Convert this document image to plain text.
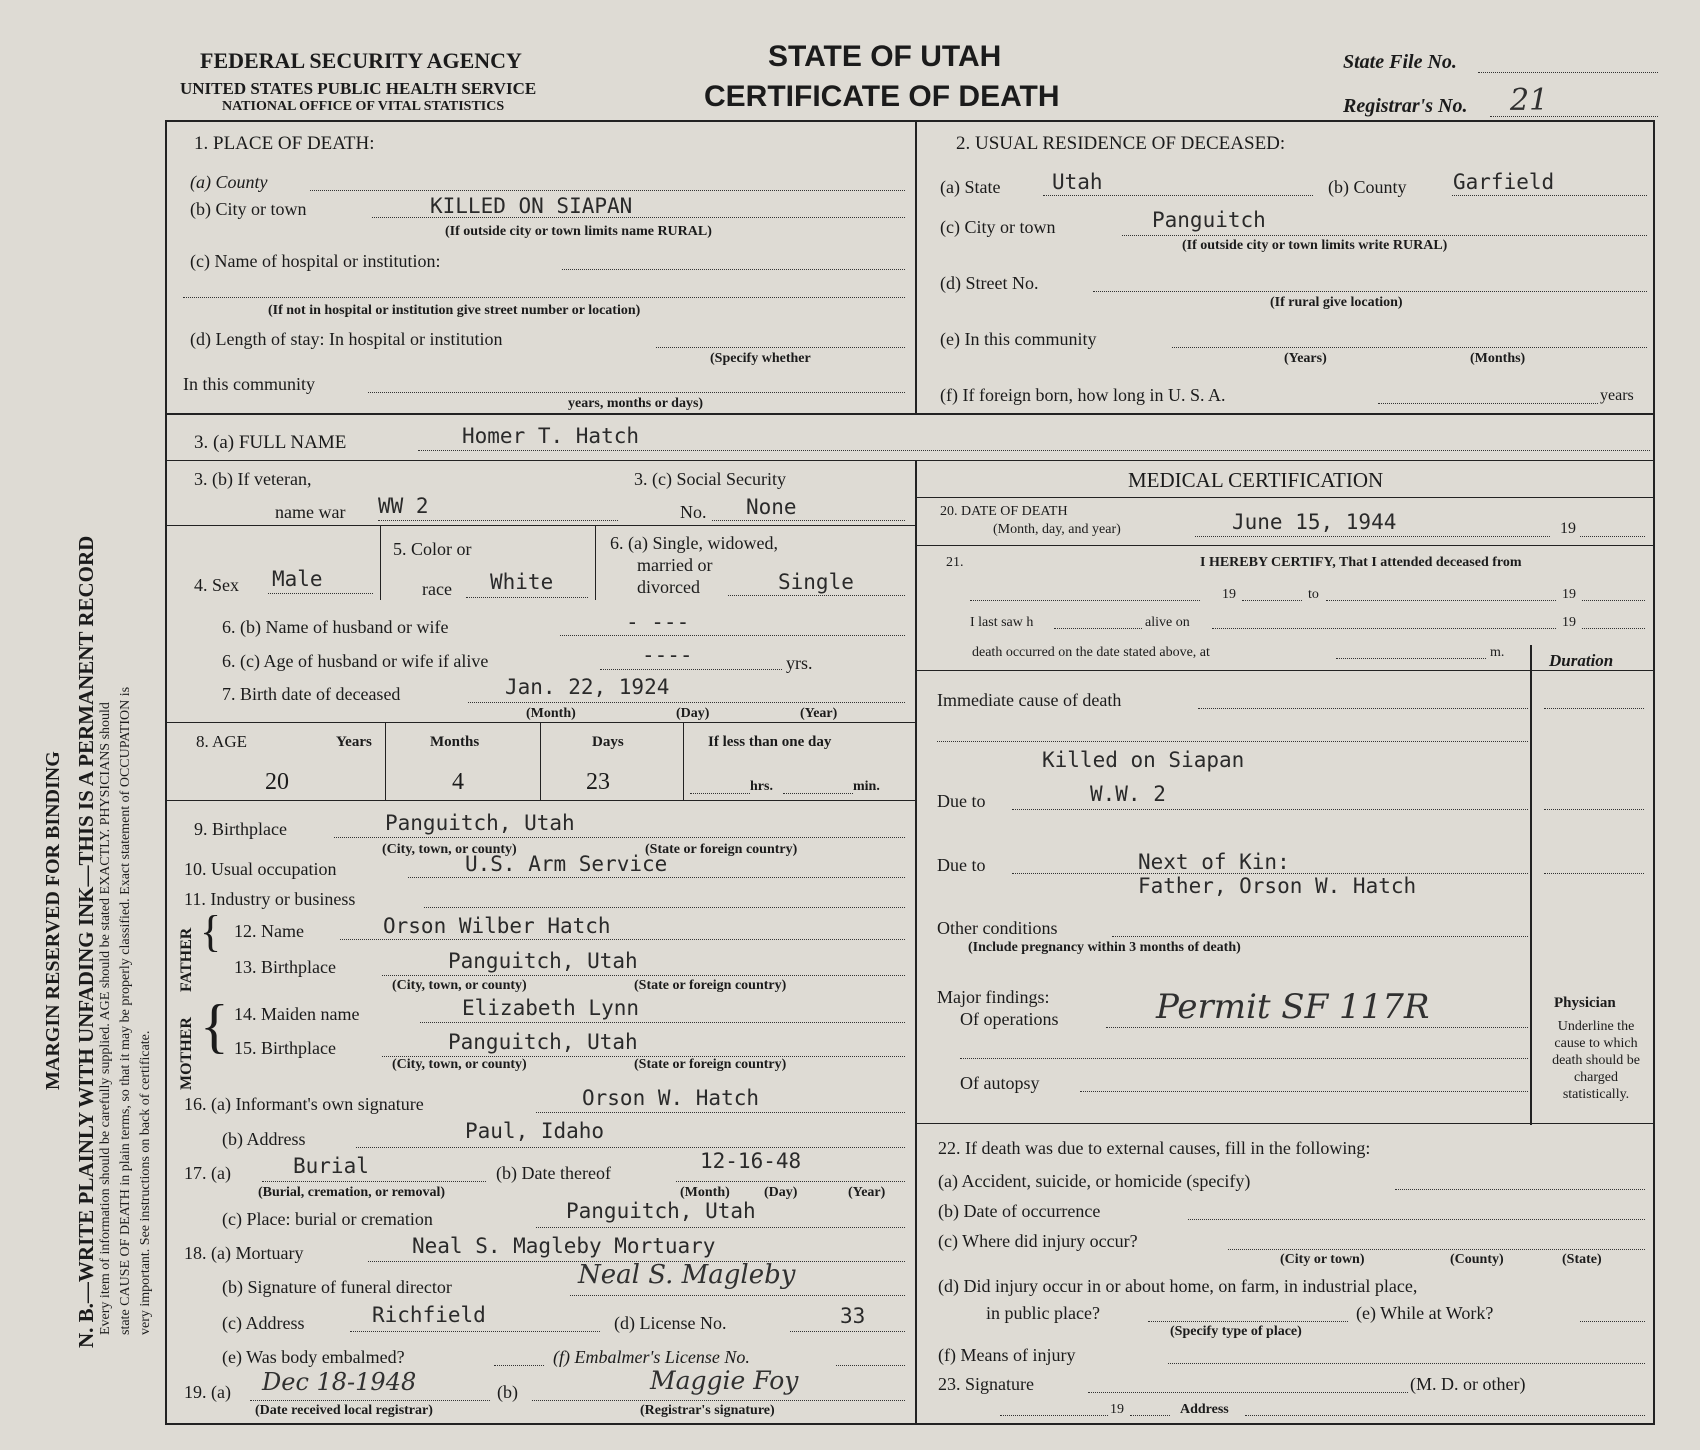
FEDERAL SECURITY AGENCY
UNITED STATES PUBLIC HEALTH SERVICE
NATIONAL OFFICE OF VITAL STATISTICS
STATE OF UTAH
CERTIFICATE OF DEATH
State File No.
Registrar's No. 21
MARGIN RESERVED FOR BINDING N. B.—WRITE PLAINLY WITH UNFADING INK—THIS IS A PERMANENT RECORD Every item of information should be carefully supplied. AGE should be stated EXACTLY. PHYSICIANS should state CAUSE OF DEATH in plain terms, so that it may be properly classified. Exact statement of OCCUPATION is very important. See instructions on back of certificate.
1. PLACE OF DEATH:
(a) County
(b) City or town	KILLED ON SIAPAN
(If outside city or town limits name RURAL)
(c) Name of hospital or institution:
(If not in hospital or institution give street number or location)
(d) Length of stay: In hospital or institution
(Specify whether
In this community
years, months or days)
2. USUAL RESIDENCE OF DECEASED:
(a) State Utah	(b) County Garfield
(c) City or town	Panguitch
(If outside city or town limits write RURAL)
(d) Street No.
(If rural give location)
(e) In this community
(Years)	(Months)
(f) If foreign born, how long in U. S. A.	years
3. (a) FULL NAME	Homer T. Hatch
3. (b) If veteran,
name war WW 2
3. (c) Social Security
No. None
4. Sex Male
5. Color or
race White
6. (a) Single, widowed,
married or
divorced	Single
6. (b) Name of husband or wife	- ---
6. (c) Age of husband or wife if alive	----	yrs.
7. Birth date of deceased	Jan. 22, 1924
(Month)	(Day)	(Year)
8. AGE	Years	Months	Days	If less than one day
20	4	23	hrs.	min.
9. Birthplace	Panguitch, Utah
(City, town, or county)	(State or foreign country)
10. Usual occupation	U.S. Arm Service
11. Industry or business
FATHER
MOTHER
{
{
12. Name	Orson Wilber Hatch
13. Birthplace	Panguitch, Utah
(City, town, or county)	(State or foreign country)
14. Maiden name	Elizabeth Lynn
15. Birthplace	Panguitch, Utah
(City, town, or county)	(State or foreign country)
16. (a) Informant's own signature	Orson W. Hatch
(b) Address	Paul, Idaho
17. (a)	Burial
(Burial, cremation, or removal)
(b) Date thereof	12-16-48
(Month) (Day)	(Year)
(c) Place: burial or cremation	Panguitch, Utah
18. (a) Mortuary	Neal S. Magleby Mortuary
(b) Signature of funeral director	Neal S. Magleby
(c) Address	Richfield	(d) License No.	33
(e) Was body embalmed?	(f) Embalmer's License No.
19. (a) Dec 18-1948
(Date received local registrar)
(b)	Maggie Foy
(Registrar's signature)
MEDICAL CERTIFICATION
20. DATE OF DEATH
(Month, day, and year)	June 15, 1944	19
21.	I HEREBY CERTIFY, That I attended deceased from
19	to	19
I last saw h	alive on	19
death occurred on the date stated above, at	m.	Duration
Immediate cause of death
Killed on Siapan
Due to	W.W. 2
Due to	Next of Kin:
Father, Orson W. Hatch
Other conditions
(Include pregnancy within 3 months of death)
Major findings:
Of operations	Permit SF 117R
Of autopsy
Physician
Underline the cause to which death should be charged statistically.
22. If death was due to external causes, fill in the following:
(a) Accident, suicide, or homicide (specify)
(b) Date of occurrence
(c) Where did injury occur?
(City or town)	(County)	(State)
(d) Did injury occur in or about home, on farm, in industrial place,
in public place?
(Specify type of place)
(e) While at Work?
(f) Means of injury
23. Signature	(M. D. or other)
19	Address
